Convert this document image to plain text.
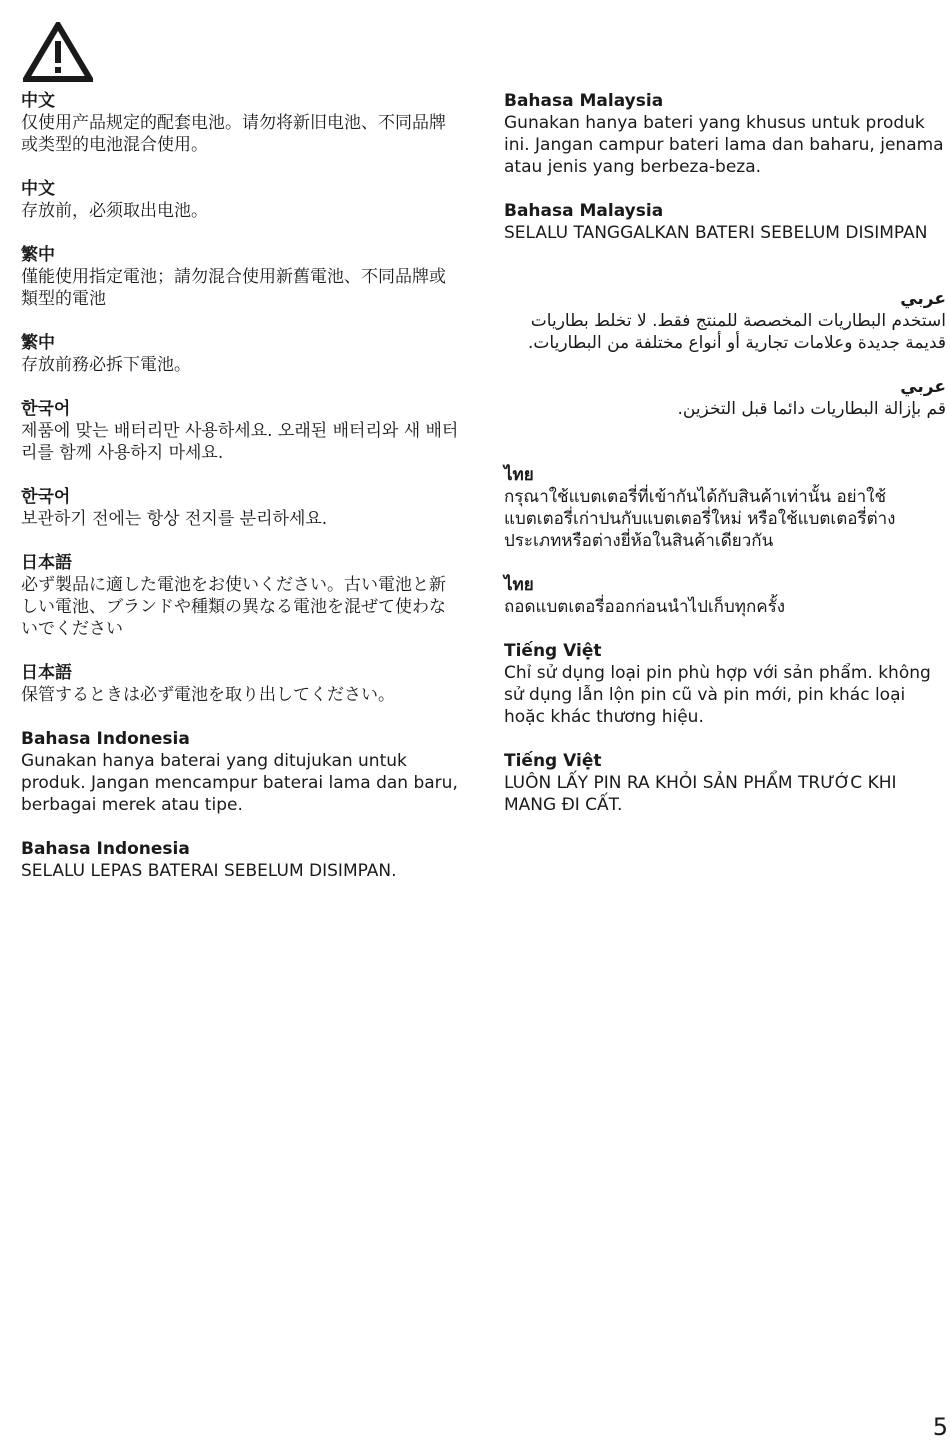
中文
仅使用产品规定的配套电池。请勿将新旧电池、不同品牌或类型的电池混合使用。
中文
存放前，必须取出电池。
繁中
僅能使用指定電池；請勿混合使用新舊電池、不同品牌或類型的電池
繁中
存放前務必拆下電池。
한국어
제품에 맞는 배터리만 사용하세요. 오래된 배터리와 새 배터리를 함께 사용하지 마세요.
한국어
보관하기 전에는 항상 전지를 분리하세요.
日本語
必ず製品に適した電池をお使いください。古い電池と新しい電池、ブランドや種類の異なる電池を混ぜて使わないでください
日本語
保管するときは必ず電池を取り出してください。
Bahasa Indonesia
Gunakan hanya baterai yang ditujukan untuk produk. Jangan mencampur baterai lama dan baru, berbagai merek atau tipe.
Bahasa Indonesia
SELALU LEPAS BATERAI SEBELUM DISIMPAN.
Bahasa Malaysia
Gunakan hanya bateri yang khusus untuk produk ini. Jangan campur bateri lama dan baharu, jenama atau jenis yang berbeza-beza.
Bahasa Malaysia
SELALU TANGGALKAN BATERI SEBELUM DISIMPAN
عربي
استخدم البطاريات المخصصة للمنتج فقط. لا تخلط بطاريات قديمة جديدة وعلامات تجارية أو أنواع مختلفة من البطاريات.
عربي
قم بإزالة البطاريات دائما قبل التخزين.
ไทย
กรุณาใช้แบตเตอรี่ที่เข้ากันได้กับสินค้าเท่านั้น อย่าใช้แบตเตอรี่เก่าปนกับแบตเตอรี่ใหม่ หรือใช้แบตเตอรี่ต่างประเภทหรือต่างยี่ห้อในสินค้าเดียวกัน
ไทย
ถอดแบตเตอรี่ออกก่อนนำไปเก็บทุกครั้ง
Tiếng Việt
Chỉ sử dụng loại pin phù hợp với sản phẩm. không sử dụng lẫn lộn pin cũ và pin mới, pin khác loại hoặc khác thương hiệu.
Tiếng Việt
LUÔN LẤY PIN RA KHỎI SẢN PHẨM TRƯỚC KHI MANG ĐI CẤT.
5
